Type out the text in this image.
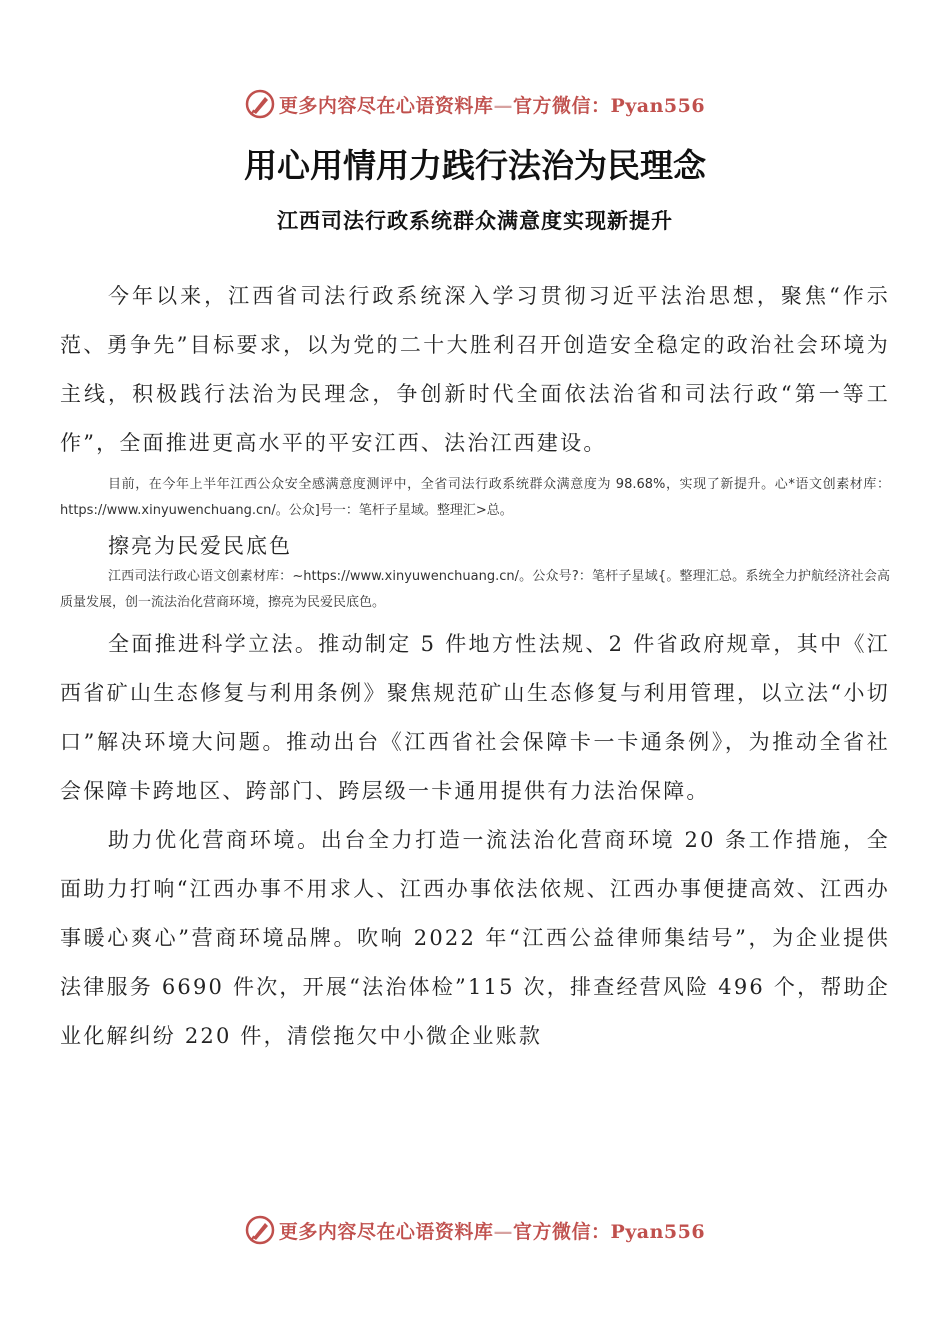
更多内容尽在心语资料库—官方微信：Pyan556
用心用情用力践行法治为民理念
江西司法行政系统群众满意度实现新提升

今年以来，江西省司法行政系统深入学习贯彻习近平法治思想，聚焦“作示范、勇争先”目标要求，以为党的二十大胜利召开创造安全稳定的政治社会环境为主线，积极践行法治为民理念，争创新时代全面依法治省和司法行政“第一等工作”，全面推进更高水平的平安江西、法治江西建设。

目前，在今年上半年江西公众安全感满意度测评中，全省司法行政系统群众满意度为 98.68%，实现了新提升。心*语文创素材库：https://www.xinyuwenchuang.cn/。公众]号一：笔杆子星域。整理汇>总。

擦亮为民爱民底色

江西司法行政心语文创素材库：~https://www.xinyuwenchuang.cn/。公众号?：笔杆子星域{。整理汇总。系统全力护航经济社会高质量发展，创一流法治化营商环境，擦亮为民爱民底色。

全面推进科学立法。推动制定 5 件地方性法规、2 件省政府规章，其中《江西省矿山生态修复与利用条例》聚焦规范矿山生态修复与利用管理，以立法“小切口”解决环境大问题。推动出台《江西省社会保障卡一卡通条例》，为推动全省社会保障卡跨地区、跨部门、跨层级一卡通用提供有力法治保障。

助力优化营商环境。出台全力打造一流法治化营商环境 20 条工作措施，全面助力打响“江西办事不用求人、江西办事依法依规、江西办事便捷高效、江西办事暖心爽心”营商环境品牌。吹响 2022 年“江西公益律师集结号”，为企业提供法律服务 6690 件次，开展“法治体检”115 次，排查经营风险 496 个，帮助企业化解纠纷 220 件，清偿拖欠中小微企业账款

更多内容尽在心语资料库—官方微信：Pyan556
